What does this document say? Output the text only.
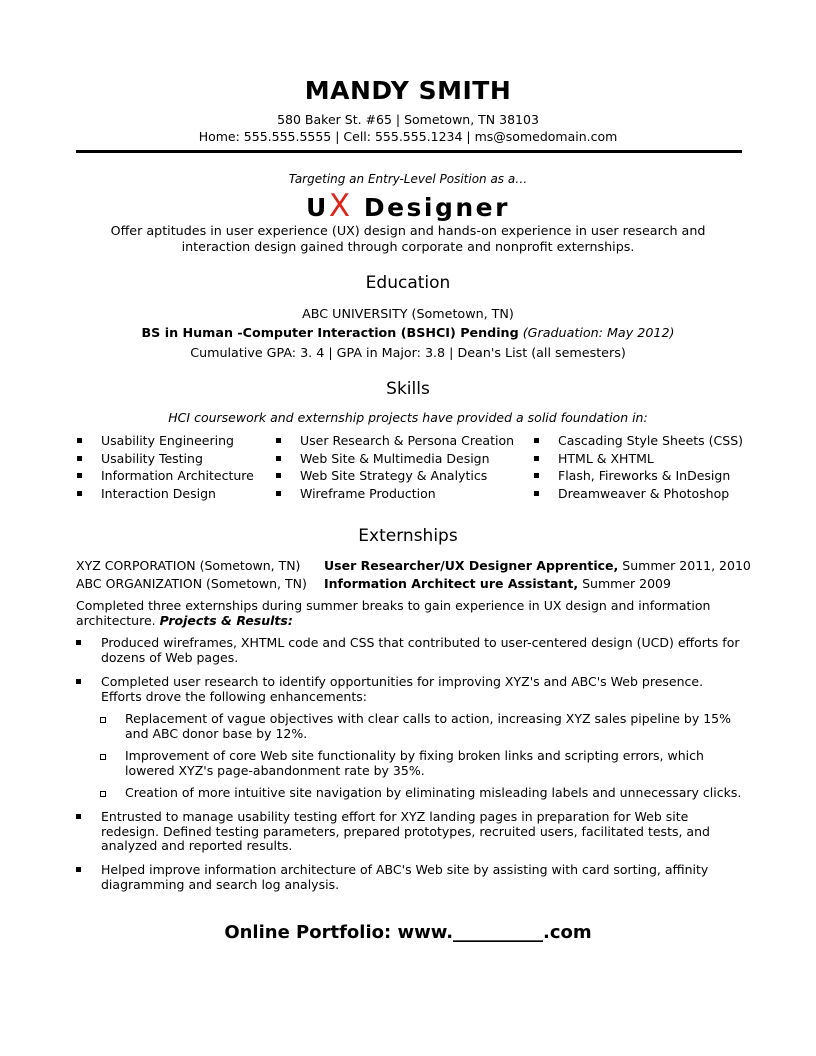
MANDY SMITH
580 Baker St. #65 | Sometown, TN 38103
Home: 555.555.5555 | Cell: 555.555.1234 | ms@somedomain.com
Targeting an Entry-Level Position as a…
UX Designer
Offer aptitudes in user experience (UX) design and hands-on experience in user research and interaction design gained through corporate and nonprofit externships.
Education
ABC UNIVERSITY (Sometown, TN)
BS in Human -Computer Interaction (BSHCI) Pending (Graduation: May 2012)
Cumulative GPA: 3. 4 | GPA in Major: 3.8 | Dean's List (all semesters)
Skills
HCI coursework and externship projects have provided a solid foundation in:
Usability Engineering
Usability Testing
Information Architecture
Interaction Design
User Research & Persona Creation
Web Site & Multimedia Design
Web Site Strategy & Analytics
Wireframe Production
Cascading Style Sheets (CSS)
HTML & XHTML
Flash, Fireworks & InDesign
Dreamweaver & Photoshop
Externships
XYZ CORPORATION (Sometown, TN) User Researcher/UX Designer Apprentice, Summer 2011, 2010
ABC ORGANIZATION (Sometown, TN) Information Architect ure Assistant, Summer 2009
Completed three externships during summer breaks to gain experience in UX design and information architecture. Projects & Results:
Produced wireframes, XHTML code and CSS that contributed to user-centered design (UCD) efforts for dozens of Web pages.
Completed user research to identify opportunities for improving XYZ's and ABC's Web presence. Efforts drove the following enhancements:
Replacement of vague objectives with clear calls to action, increasing XYZ sales pipeline by 15% and ABC donor base by 12%.
Improvement of core Web site functionality by fixing broken links and scripting errors, which lowered XYZ's page-abandonment rate by 35%.
Creation of more intuitive site navigation by eliminating misleading labels and unnecessary clicks.
Entrusted to manage usability testing effort for XYZ landing pages in preparation for Web site redesign. Defined testing parameters, prepared prototypes, recruited users, facilitated tests, and analyzed and reported results.
Helped improve information architecture of ABC's Web site by assisting with card sorting, affinity diagramming and search log analysis.
Online Portfolio: www.__________.com
